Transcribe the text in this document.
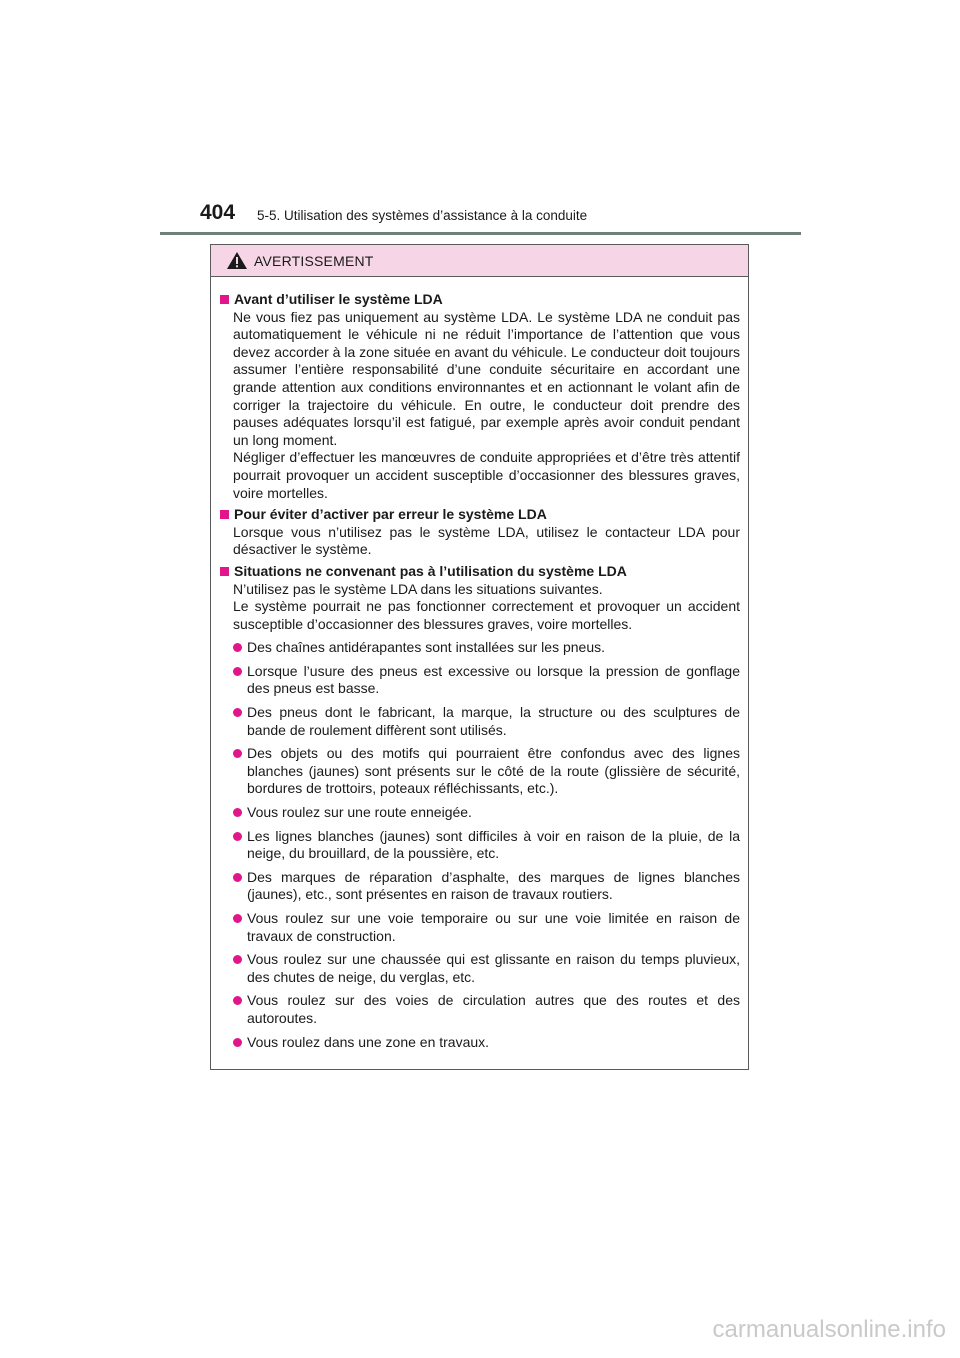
404 5-5. Utilisation des systèmes d’assistance à la conduite
AVERTISSEMENT
Avant d’utiliser le système LDA
Ne vous fiez pas uniquement au système LDA. Le système LDA ne conduit pas automatiquement le véhicule ni ne réduit l’importance de l’attention que vous devez accorder à la zone située en avant du véhicule. Le conducteur doit toujours assumer l’entière responsabilité d’une conduite sécuritaire en accordant une grande attention aux conditions environnantes et en actionnant le volant afin de corriger la trajectoire du véhicule. En outre, le conducteur doit prendre des pauses adéquates lorsqu’il est fatigué, par exemple après avoir conduit pendant un long moment.
Négliger d’effectuer les manœuvres de conduite appropriées et d’être très attentif pourrait provoquer un accident susceptible d’occasionner des blessures graves, voire mortelles.
Pour éviter d’activer par erreur le système LDA
Lorsque vous n’utilisez pas le système LDA, utilisez le contacteur LDA pour désactiver le système.
Situations ne convenant pas à l’utilisation du système LDA
N’utilisez pas le système LDA dans les situations suivantes.
Le système pourrait ne pas fonctionner correctement et provoquer un accident susceptible d’occasionner des blessures graves, voire mortelles.
Des chaînes antidérapantes sont installées sur les pneus.
Lorsque l’usure des pneus est excessive ou lorsque la pression de gonflage des pneus est basse.
Des pneus dont le fabricant, la marque, la structure ou des sculptures de bande de roulement diffèrent sont utilisés.
Des objets ou des motifs qui pourraient être confondus avec des lignes blanches (jaunes) sont présents sur le côté de la route (glissière de sécurité, bordures de trottoirs, poteaux réfléchissants, etc.).
Vous roulez sur une route enneigée.
Les lignes blanches (jaunes) sont difficiles à voir en raison de la pluie, de la neige, du brouillard, de la poussière, etc.
Des marques de réparation d’asphalte, des marques de lignes blanches (jaunes), etc., sont présentes en raison de travaux routiers.
Vous roulez sur une voie temporaire ou sur une voie limitée en raison de travaux de construction.
Vous roulez sur une chaussée qui est glissante en raison du temps pluvieux, des chutes de neige, du verglas, etc.
Vous roulez sur des voies de circulation autres que des routes et des autoroutes.
Vous roulez dans une zone en travaux.
carmanualsonline.info
